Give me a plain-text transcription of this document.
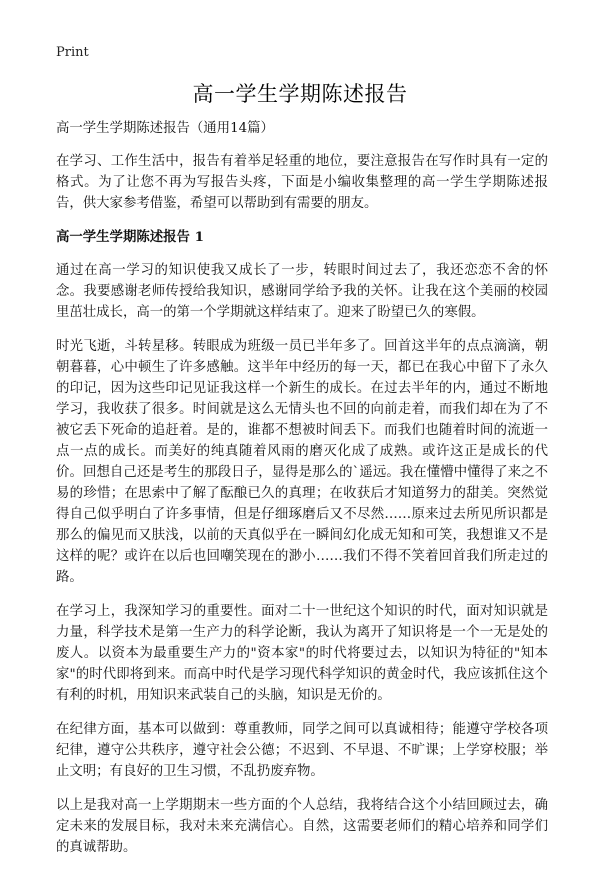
Print
高一学生学期陈述报告

高一学生学期陈述报告（通用14篇）

在学习、工作生活中，报告有着举足轻重的地位，要注意报告在写作时具有一定的格式。为了让您不再为写报告头疼，下面是小编收集整理的高一学生学期陈述报告，供大家参考借鉴，希望可以帮助到有需要的朋友。

高一学生学期陈述报告 1

通过在高一学习的知识使我又成长了一步，转眼时间过去了，我还恋恋不舍的怀念。我要感谢老师传授给我知识，感谢同学给予我的关怀。让我在这个美丽的校园里茁壮成长，高一的第一个学期就这样结束了。迎来了盼望已久的寒假。

时光飞逝，斗转星移。转眼成为班级一员已半年多了。回首这半年的点点滴滴，朝朝暮暮，心中顿生了许多感触。这半年中经历的每一天，都已在我心中留下了永久的印记，因为这些印记见证我这样一个新生的成长。在过去半年的内，通过不断地学习，我收获了很多。时间就是这么无情头也不回的向前走着，而我们却在为了不被它丢下死命的追赶着。是的，谁都不想被时间丢下。而我们也随着时间的流逝一点一点的成长。而美好的纯真随着风雨的磨灭化成了成熟。或许这正是成长的代价。回想自己还是考生的那段日子，显得是那么的`遥远。我在懂懵中懂得了来之不易的珍惜；在思索中了解了酝酿已久的真理；在收获后才知道努力的甜美。突然觉得自己似乎明白了许多事情，但是仔细琢磨后又不尽然……原来过去所见所识都是那么的偏见而又肤浅，以前的天真似乎在一瞬间幻化成无知和可笑，我想谁又不是这样的呢？或许在以后也回嘲笑现在的渺小……我们不得不笑着回首我们所走过的路。

在学习上，我深知学习的重要性。面对二十一世纪这个知识的时代，面对知识就是力量，科学技术是第一生产力的科学论断，我认为离开了知识将是一个一无是处的废人。以资本为最重要生产力的"资本家"的时代将要过去，以知识为特征的"知本家"的时代即将到来。而高中时代是学习现代科学知识的黄金时代，我应该抓住这个有利的时机，用知识来武装自己的头脑，知识是无价的。

在纪律方面，基本可以做到：尊重教师，同学之间可以真诚相待；能遵守学校各项纪律，遵守公共秩序，遵守社会公德；不迟到、不早退、不旷课；上学穿校服；举止文明；有良好的卫生习惯，不乱扔废弃物。

以上是我对高一上学期期末一些方面的个人总结，我将结合这个小结回顾过去，确定未来的发展目标，我对未来充满信心。自然，这需要老师们的精心培养和同学们的真诚帮助。
